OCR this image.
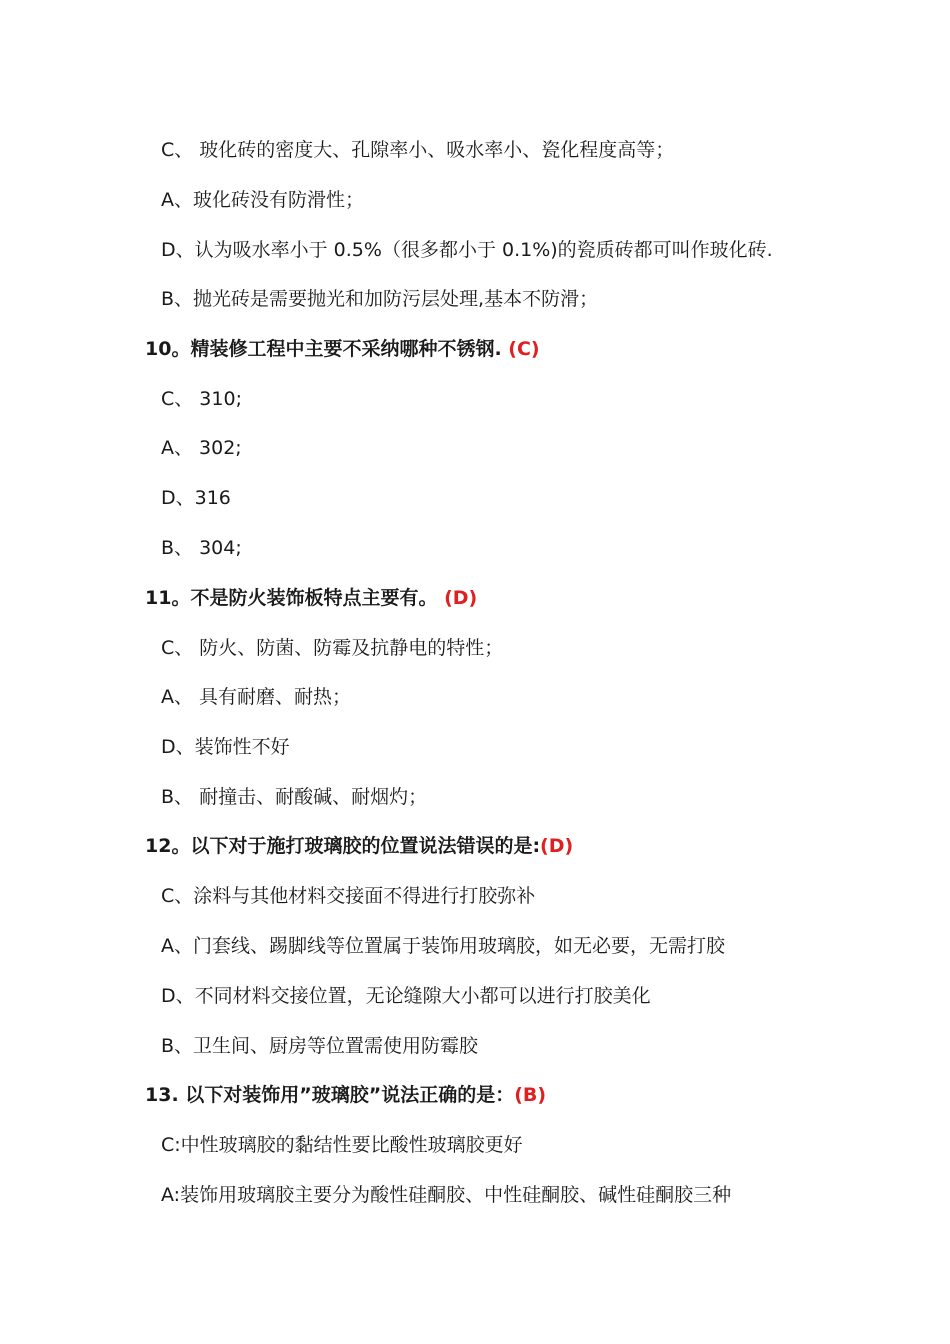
C、 玻化砖的密度大、孔隙率小、吸水率小、瓷化程度高等；
A、玻化砖没有防滑性；
D、认为吸水率小于 0.5%（很多都小于 0.1%)的瓷质砖都可叫作玻化砖.
B、抛光砖是需要抛光和加防污层处理,基本不防滑；
10。精装修工程中主要不采纳哪种不锈钢. (C)
C、 310;
A、 302;
D、316
B、 304;
11。不是防火装饰板特点主要有。 (D)
C、 防火、防菌、防霉及抗静电的特性；
A、 具有耐磨、耐热；
D、装饰性不好
B、 耐撞击、耐酸碱、耐烟灼；
12。以下对于施打玻璃胶的位置说法错误的是:(D)
C、涂料与其他材料交接面不得进行打胶弥补
A、门套线、踢脚线等位置属于装饰用玻璃胶，如无必要，无需打胶
D、不同材料交接位置，无论缝隙大小都可以进行打胶美化
B、卫生间、厨房等位置需使用防霉胶
13. 以下对装饰用”玻璃胶”说法正确的是：(B)
C:中性玻璃胶的黏结性要比酸性玻璃胶更好
A:装饰用玻璃胶主要分为酸性硅酮胶、中性硅酮胶、碱性硅酮胶三种
